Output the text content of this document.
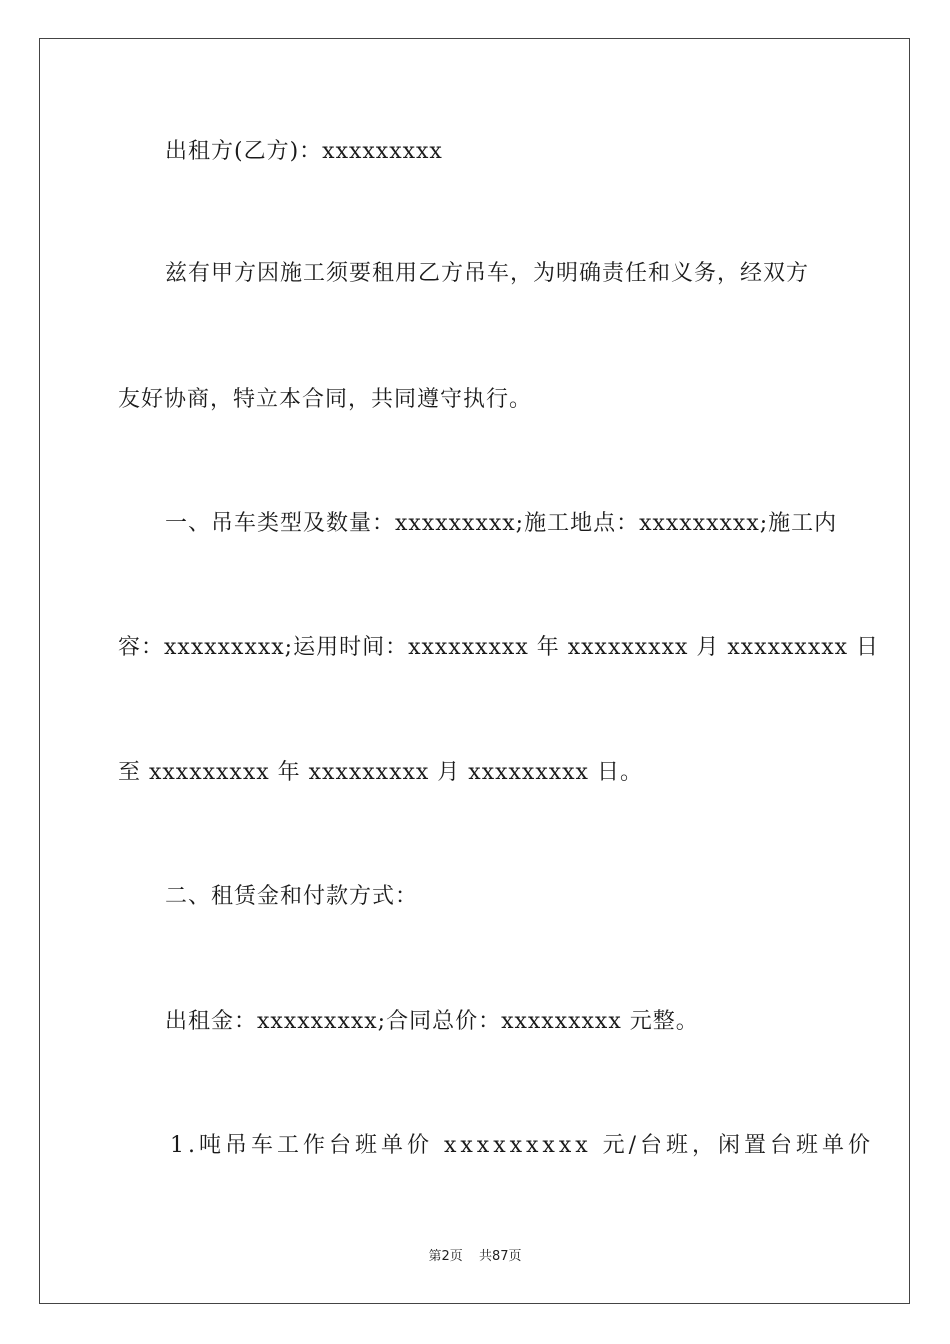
出租方(乙方)：xxxxxxxxx
兹有甲方因施工须要租用乙方吊车，为明确责任和义务，经双方
友好协商，特立本合同，共同遵守执行。
一、吊车类型及数量：xxxxxxxxx;施工地点：xxxxxxxxx;施工内
容：xxxxxxxxx;运用时间：xxxxxxxxx 年 xxxxxxxxx 月 xxxxxxxxx 日
至 xxxxxxxxx 年 xxxxxxxxx 月 xxxxxxxxx 日。
二、租赁金和付款方式：
出租金：xxxxxxxxx;合同总价：xxxxxxxxx 元整。
1.吨吊车工作台班单价 xxxxxxxxx 元/台班，闲置台班单价
第2页 共87页
